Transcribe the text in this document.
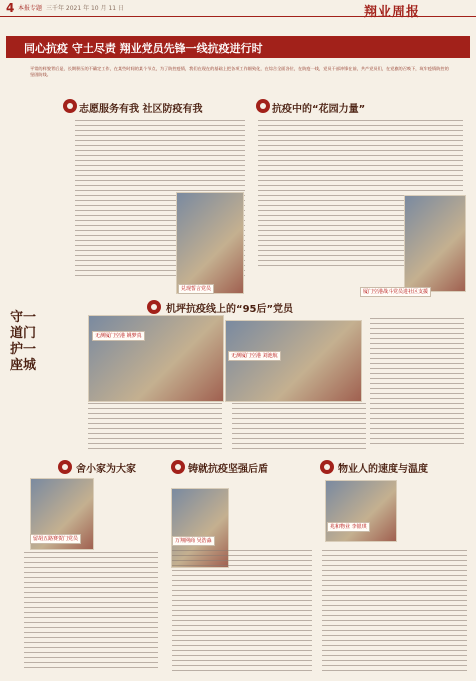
4 本报专题 三千年 2021 年 10 月 11 日	翔业周报
同心抗疫 守土尽责 翔业党员先锋一线抗疫进行时
平常的样貌背后是，长期积压的不确定工作，在某些时间的某个节点，为了防控疫情，我们在现在的基础上把各项工作细致化，在综合全面各位，在防疫一线，党员干部冲锋在前，共产党员们，在党旗的召唤下，筑牢疫情防控的坚固防线。
志愿服务有我 社区防疫有我
兑现誓言党员
抗疫中的“花园力量”
厦门空港战斗党员进社区支援
机坪抗疫线上的“95后”党员
守一道门 护一座城
无测厦门空港 姚梦真
无测厦门空港 刘池航
舍小家为大家
留胡五路赛贺门党员
铸就抗疫坚强后盾
万翔网商 吴浩淼
物业人的速度与温度
兆和物业 李银琪
